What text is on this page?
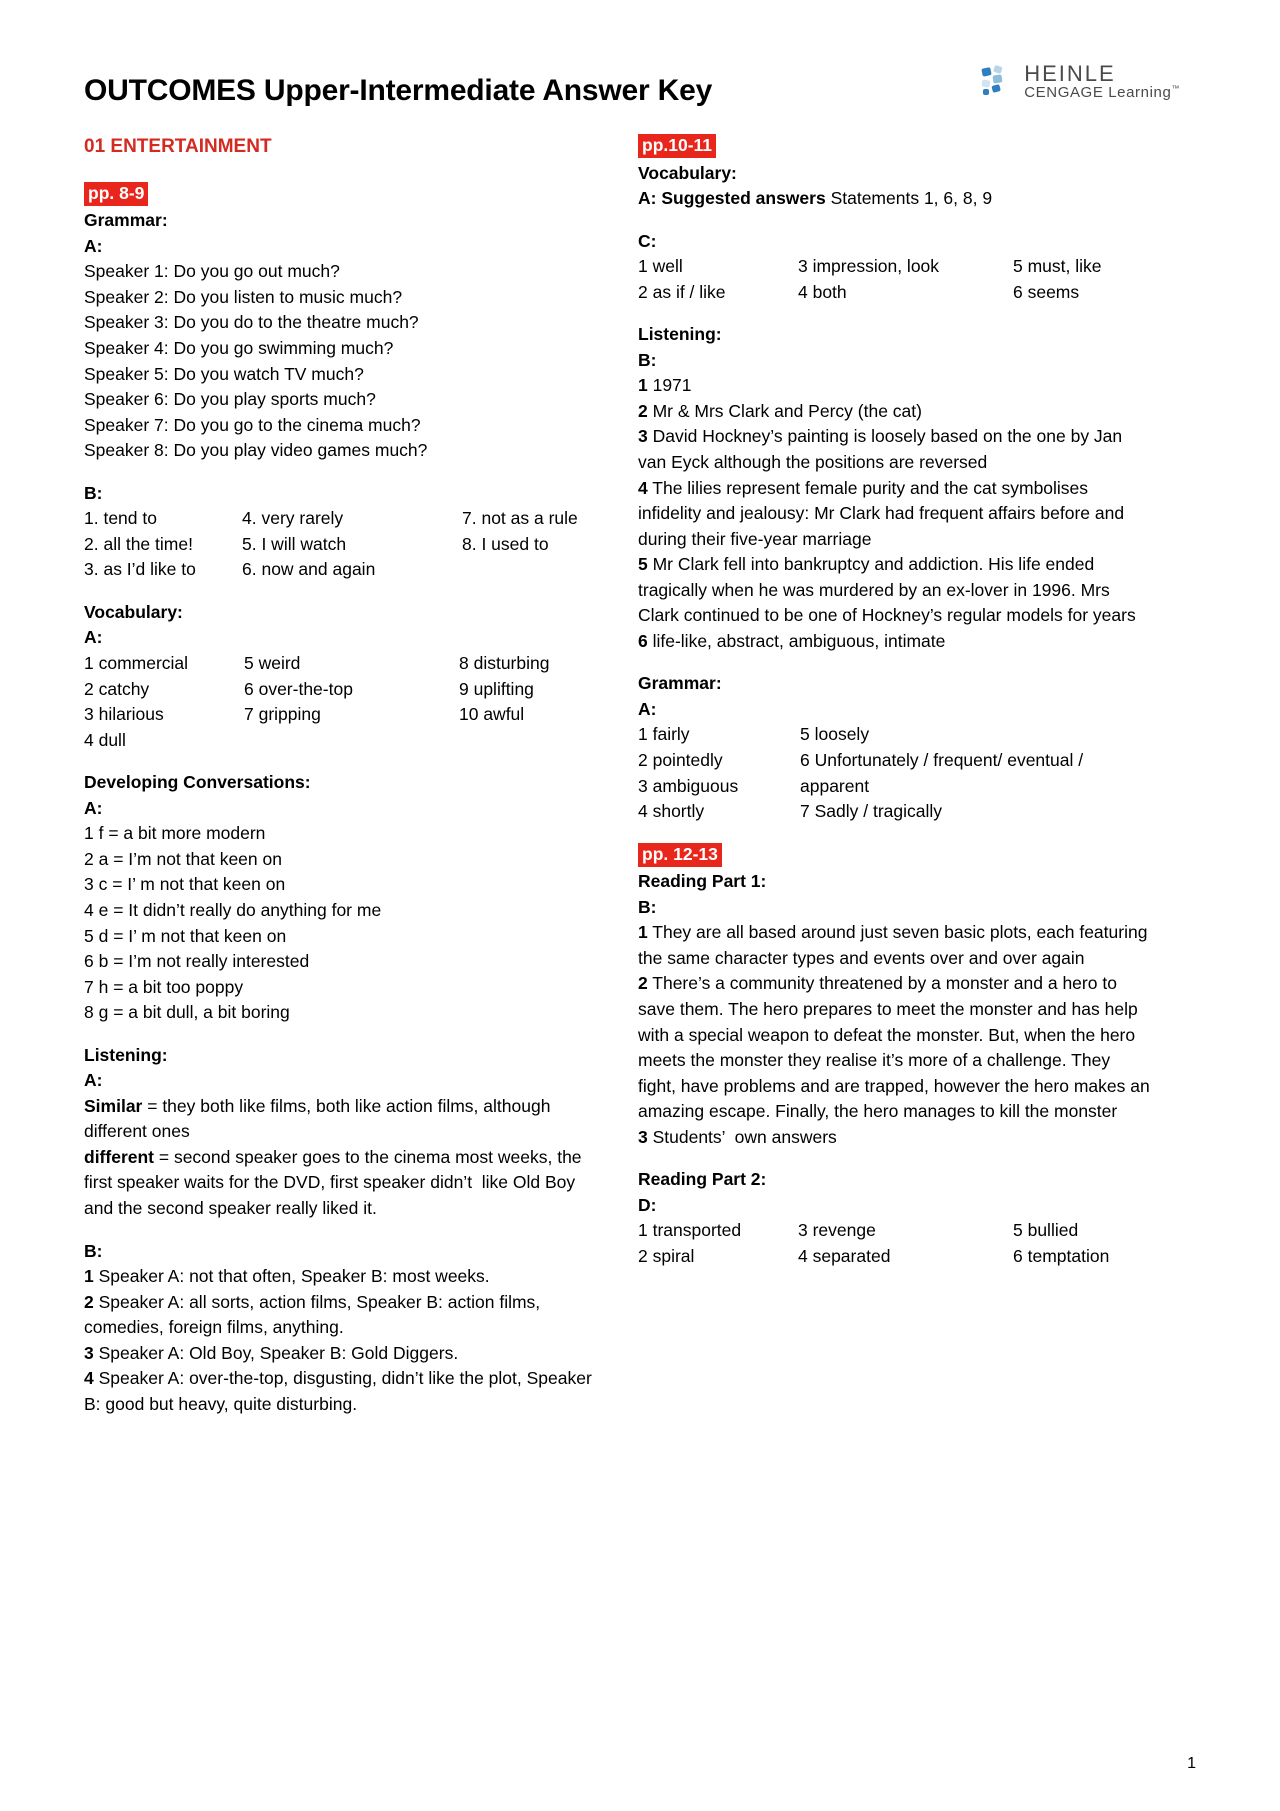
OUTCOMES Upper-Intermediate Answer Key
HEINLE
CENGAGE Learning™
01 ENTERTAINMENT
pp. 8-9
Grammar:
A:
Speaker 1: Do you go out much?
Speaker 2: Do you listen to music much?
Speaker 3: Do you do to the theatre much?
Speaker 4: Do you go swimming much?
Speaker 5: Do you watch TV much?
Speaker 6: Do you play sports much?
Speaker 7: Do you go to the cinema much?
Speaker 8: Do you play video games much?
B:
1. tend to	4. very rarely	7. not as a rule
2. all the time!	5. I will watch	8. I used to
3. as I’d like to	6. now and again
Vocabulary:
A:
1 commercial	5 weird	8 disturbing
2 catchy	6 over-the-top	9 uplifting
3 hilarious	7 gripping	10 awful
4 dull
Developing Conversations:
A:
1 f = a bit more modern
2 a = I’m not that keen on
3 c = I’ m not that keen on
4 e = It didn’t really do anything for me
5 d = I’ m not that keen on
6 b = I’m not really interested
7 h = a bit too poppy
8 g = a bit dull, a bit boring
Listening:
A:
Similar = they both like films, both like action films, although different ones
different = second speaker goes to the cinema most weeks, the first speaker waits for the DVD, first speaker didn’t  like Old Boy and the second speaker really liked it.
B:
1 Speaker A: not that often, Speaker B: most weeks.
2 Speaker A: all sorts, action films, Speaker B: action films, comedies, foreign films, anything.
3 Speaker A: Old Boy, Speaker B: Gold Diggers.
4 Speaker A: over-the-top, disgusting, didn’t like the plot, Speaker B: good but heavy, quite disturbing.
pp.10-11
Vocabulary:
A: Suggested answers Statements 1, 6, 8, 9
C:
1 well	3 impression, look	5 must, like
2 as if / like	4 both	6 seems
Listening:
B:
1 1971
2 Mr & Mrs Clark and Percy (the cat)
3 David Hockney’s painting is loosely based on the one by Jan van Eyck although the positions are reversed
4 The lilies represent female purity and the cat symbolises infidelity and jealousy: Mr Clark had frequent affairs before and during their five-year marriage
5 Mr Clark fell into bankruptcy and addiction. His life ended tragically when he was murdered by an ex-lover in 1996. Mrs Clark continued to be one of Hockney’s regular models for years
6 life-like, abstract, ambiguous, intimate
Grammar:
A:
1 fairly	5 loosely
2 pointedly	6 Unfortunately / frequent/ eventual /
3 ambiguous	apparent
4 shortly	7 Sadly / tragically
pp. 12-13
Reading Part 1:
B:
1 They are all based around just seven basic plots, each featuring the same character types and events over and over again
2 There’s a community threatened by a monster and a hero to save them. The hero prepares to meet the monster and has help with a special weapon to defeat the monster. But, when the hero meets the monster they realise it’s more of a challenge. They fight, have problems and are trapped, however the hero makes an amazing escape. Finally, the hero manages to kill the monster
3 Students’  own answers
Reading Part 2:
D:
1 transported	3 revenge	5 bullied
2 spiral	4 separated	6 temptation
1
